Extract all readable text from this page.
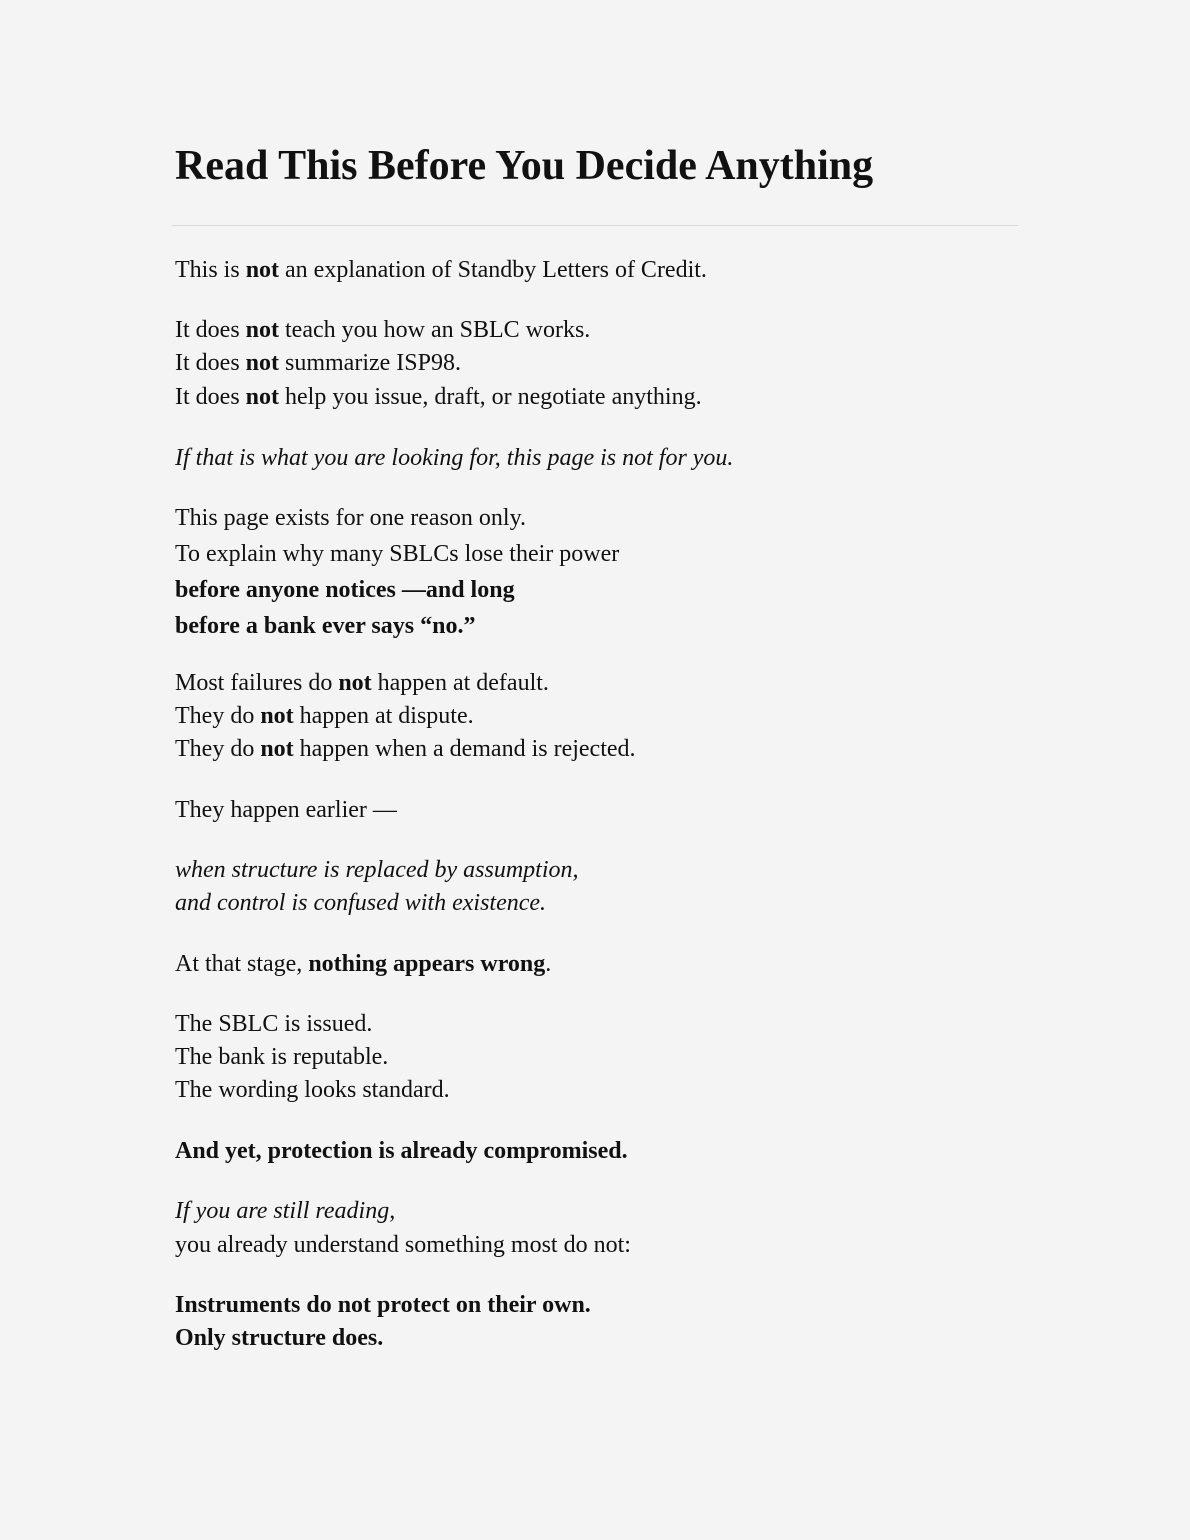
Read This Before You Decide Anything

This is not an explanation of Standby Letters of Credit.

It does not teach you how an SBLC works.

It does not summarize ISP98.

It does not help you issue, draft, or negotiate anything.

If that is what you are looking for, this page is not for you.

This page exists for one reason only.

To explain why many SBLCs lose their power

before anyone notices —and long

before a bank ever says “no.”

Most failures do not happen at default.

They do not happen at dispute.

They do not happen when a demand is rejected.

They happen earlier —

when structure is replaced by assumption,

and control is confused with existence.

At that stage, nothing appears wrong.

The SBLC is issued.

The bank is reputable.

The wording looks standard.

And yet, protection is already compromised.

If you are still reading,

you already understand something most do not:

Instruments do not protect on their own.

Only structure does.
